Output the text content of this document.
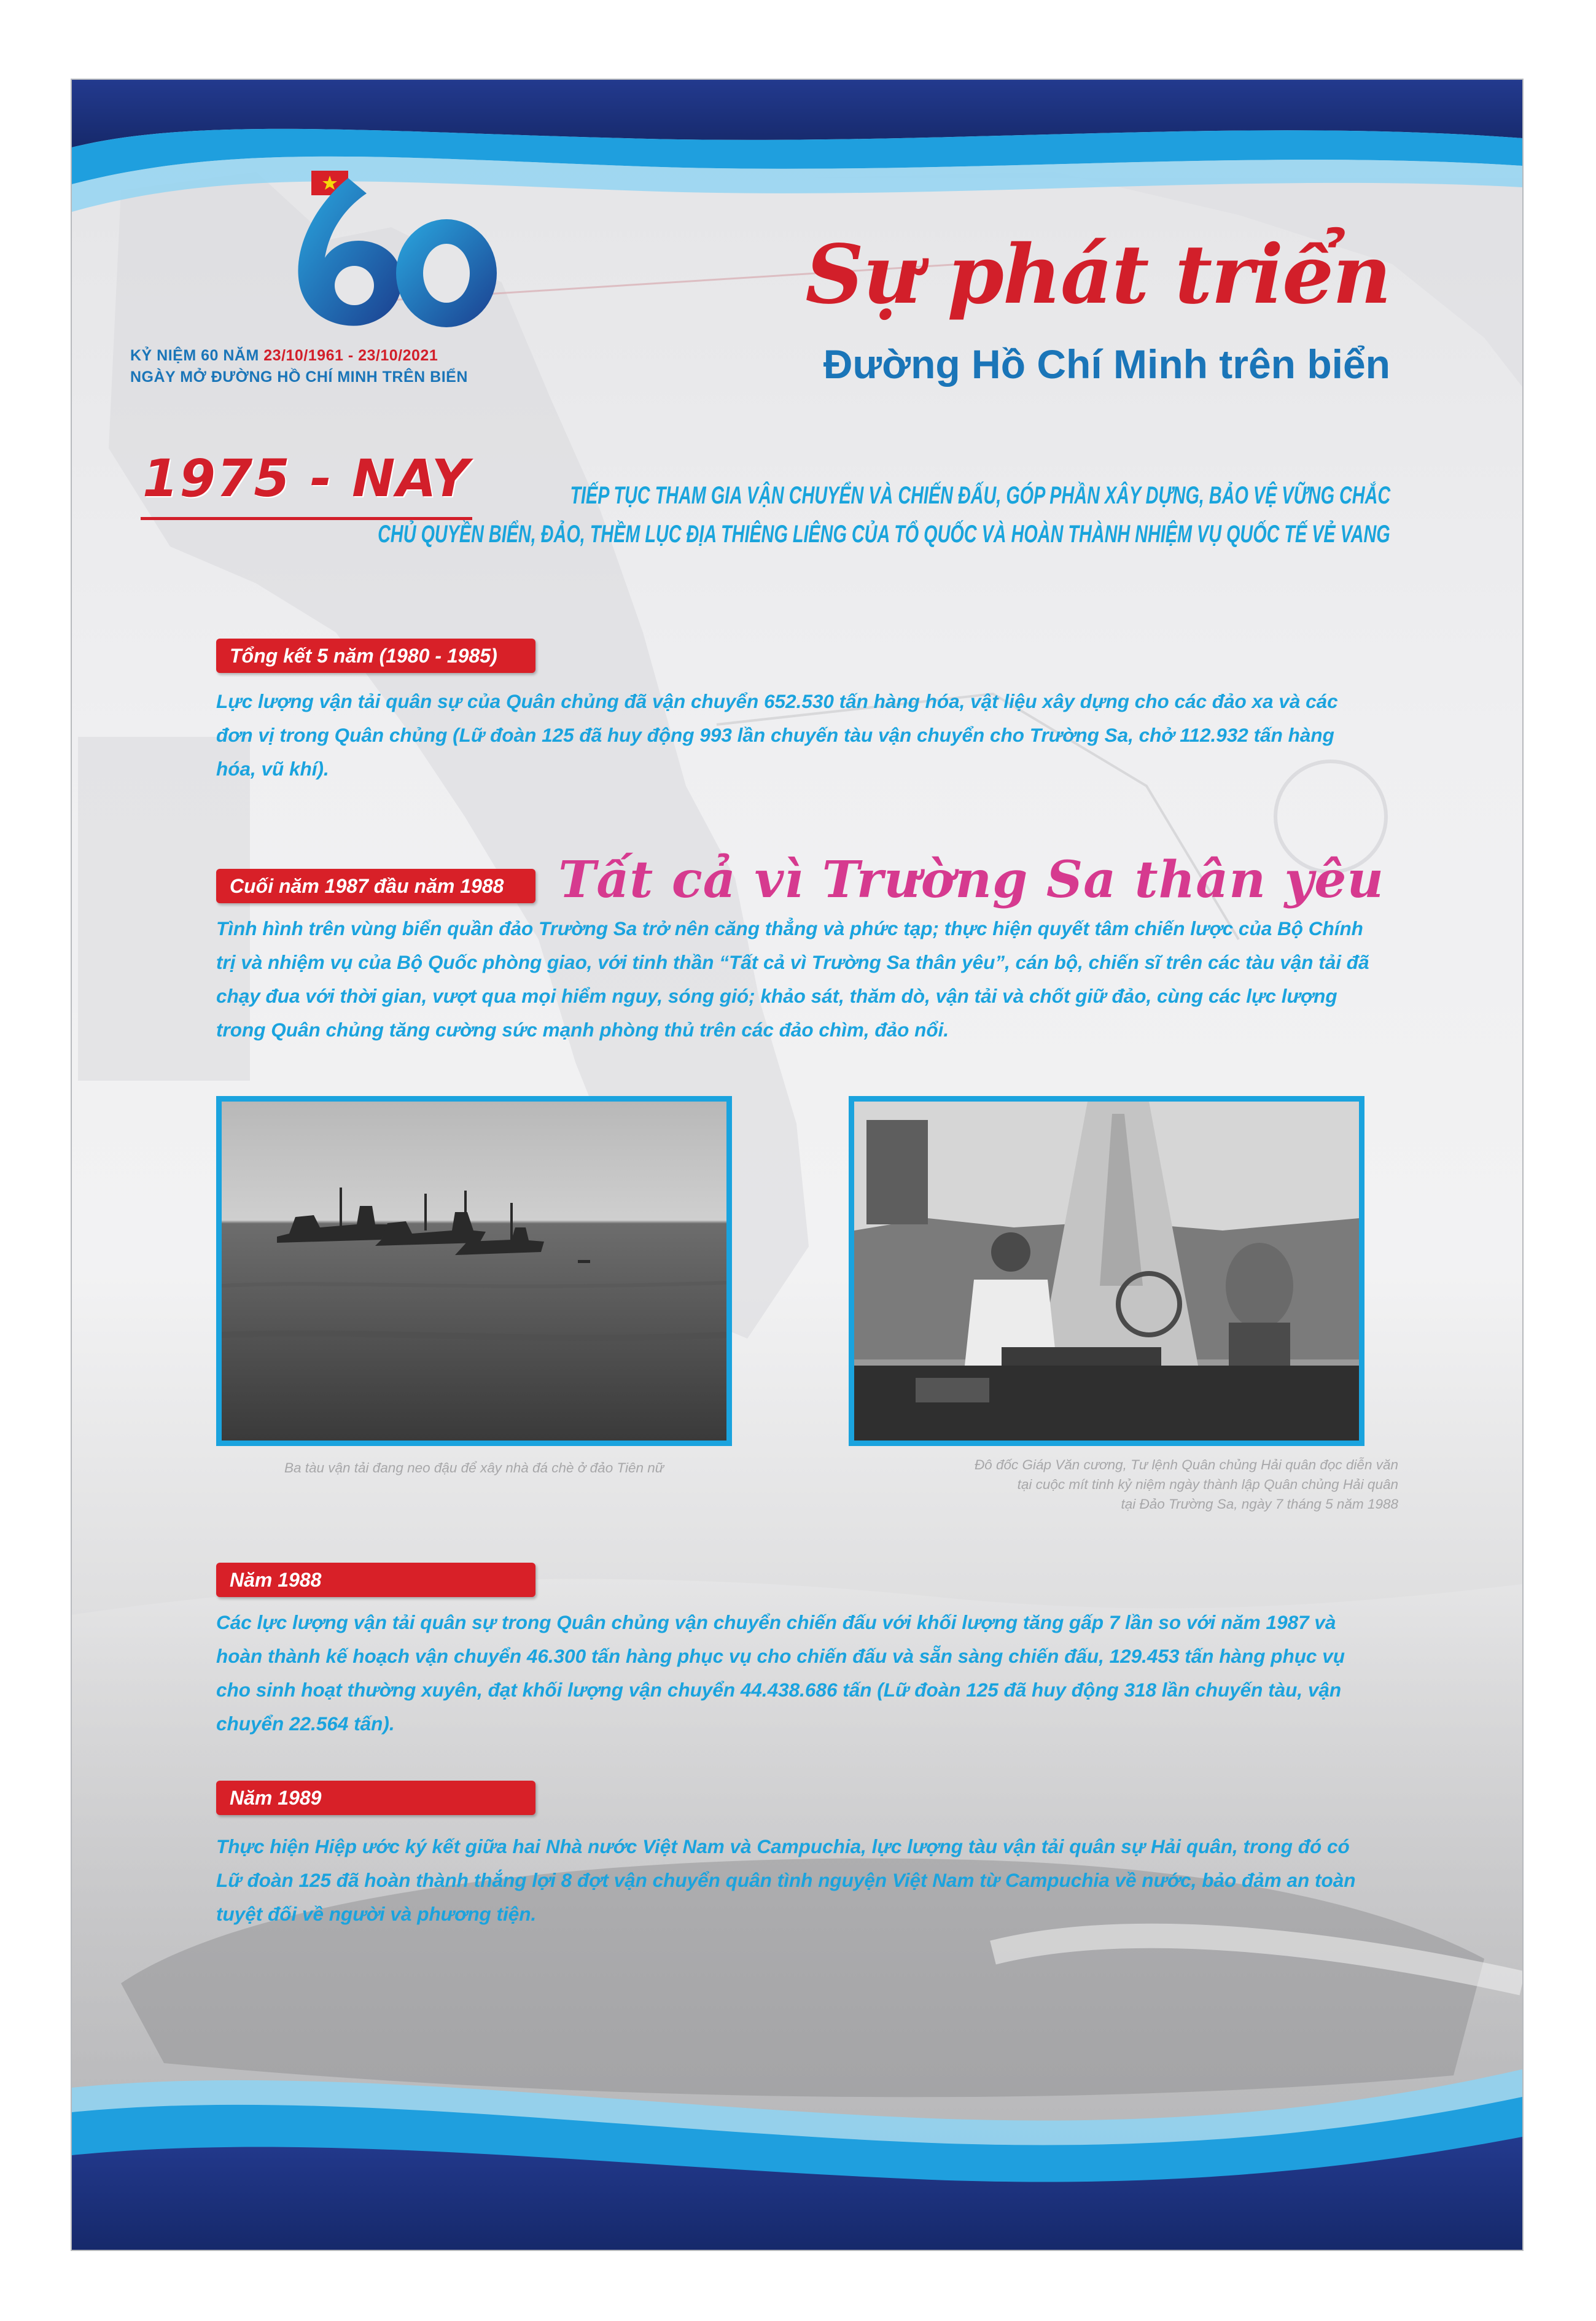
KỶ NIỆM 60 NĂM 23/10/1961 - 23/10/2021
NGÀY MỞ ĐƯỜNG HỒ CHÍ MINH TRÊN BIỂN
Sự phát triển
Đường Hồ Chí Minh trên biển
1975 - NAY	TIẾP TỤC THAM GIA VẬN CHUYỂN VÀ CHIẾN ĐẤU, GÓP PHẦN XÂY DỰNG, BẢO VỆ VỮNG CHẮC
CHỦ QUYỀN BIỂN, ĐẢO, THỀM LỤC ĐỊA THIÊNG LIÊNG CỦA TỔ QUỐC VÀ HOÀN THÀNH NHIỆM VỤ QUỐC TẾ VẺ VANG
Tổng kết 5 năm (1980 - 1985)
Lực lượng vận tải quân sự của Quân chủng đã vận chuyển 652.530 tấn hàng hóa, vật liệu xây dựng cho các đảo xa và các đơn vị trong Quân chủng (Lữ đoàn 125 đã huy động 993 lần chuyến tàu vận chuyển cho Trường Sa, chở 112.932 tấn hàng hóa, vũ khí).
Cuối năm 1987 đầu năm 1988	Tất cả vì Trường Sa thân yêu
Tình hình trên vùng biển quần đảo Trường Sa trở nên căng thẳng và phức tạp; thực hiện quyết tâm chiến lược của Bộ Chính trị và nhiệm vụ của Bộ Quốc phòng giao, với tinh thần “Tất cả vì Trường Sa thân yêu”, cán bộ, chiến sĩ trên các tàu vận tải đã chạy đua với thời gian, vượt qua mọi hiểm nguy, sóng gió; khảo sát, thăm dò, vận tải và chốt giữ đảo, cùng các lực lượng trong Quân chủng tăng cường sức mạnh phòng thủ trên các đảo chìm, đảo nổi.
Ba tàu vận tải đang neo đậu để xây nhà đá chè ở đảo Tiên nữ	Đô đốc Giáp Văn cương, Tư lệnh Quân chủng Hải quân đọc diễn văn
tại cuộc mít tinh kỷ niệm ngày thành lập Quân chủng Hải quân
tại Đảo Trường Sa, ngày 7 tháng 5 năm 1988
Năm 1988
Các lực lượng vận tải quân sự trong Quân chủng vận chuyển chiến đấu với khối lượng tăng gấp 7 lần so với năm 1987 và hoàn thành kế hoạch vận chuyển 46.300 tấn hàng phục vụ cho chiến đấu và sẵn sàng chiến đấu, 129.453 tấn hàng phục vụ cho sinh hoạt thường xuyên, đạt khối lượng vận chuyển 44.438.686 tấn (Lữ đoàn 125 đã huy động 318 lần chuyến tàu, vận chuyển 22.564 tấn).
Năm 1989
Thực hiện Hiệp ước ký kết giữa hai Nhà nước Việt Nam và Campuchia, lực lượng tàu vận tải quân sự Hải quân, trong đó có Lữ đoàn 125 đã hoàn thành thắng lợi 8 đợt vận chuyển quân tình nguyện Việt Nam từ Campuchia về nước, bảo đảm an toàn tuyệt đối về người và phương tiện.
